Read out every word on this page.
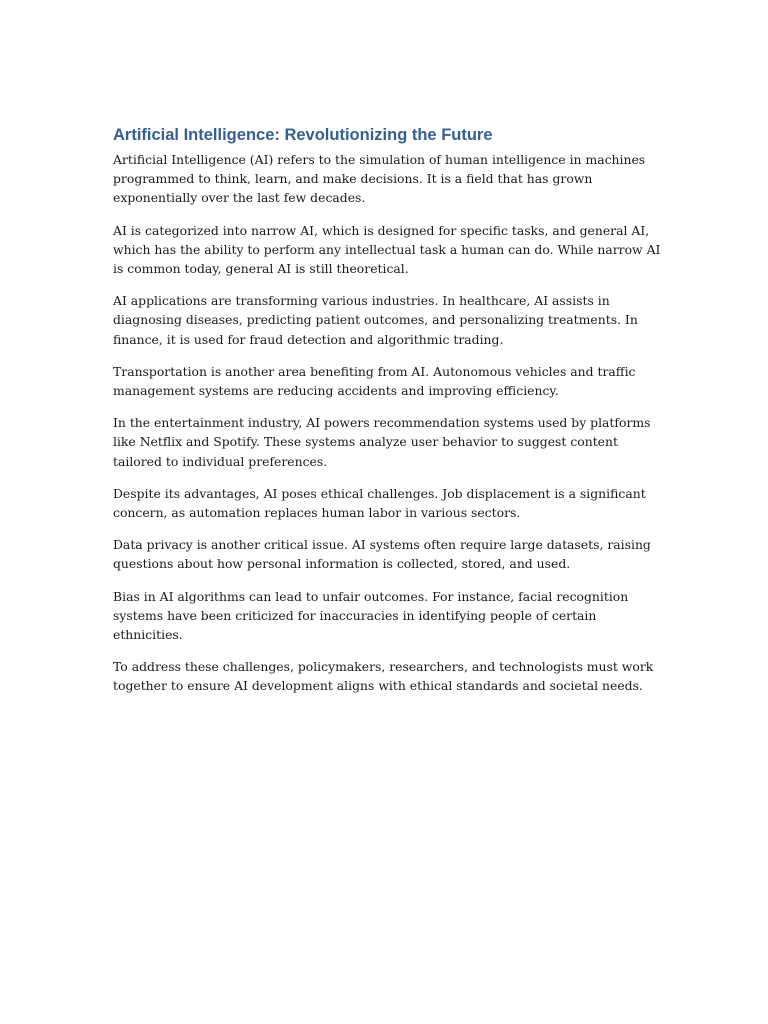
Artificial Intelligence: Revolutionizing the Future

Artificial Intelligence (AI) refers to the simulation of human intelligence in machines programmed to think, learn, and make decisions. It is a field that has grown exponentially over the last few decades.

AI is categorized into narrow AI, which is designed for specific tasks, and general AI, which has the ability to perform any intellectual task a human can do. While narrow AI is common today, general AI is still theoretical.

AI applications are transforming various industries. In healthcare, AI assists in diagnosing diseases, predicting patient outcomes, and personalizing treatments. In finance, it is used for fraud detection and algorithmic trading.

Transportation is another area benefiting from AI. Autonomous vehicles and traffic management systems are reducing accidents and improving efficiency.

In the entertainment industry, AI powers recommendation systems used by platforms like Netflix and Spotify. These systems analyze user behavior to suggest content tailored to individual preferences.

Despite its advantages, AI poses ethical challenges. Job displacement is a significant concern, as automation replaces human labor in various sectors.

Data privacy is another critical issue. AI systems often require large datasets, raising questions about how personal information is collected, stored, and used.

Bias in AI algorithms can lead to unfair outcomes. For instance, facial recognition systems have been criticized for inaccuracies in identifying people of certain ethnicities.

To address these challenges, policymakers, researchers, and technologists must work together to ensure AI development aligns with ethical standards and societal needs.
